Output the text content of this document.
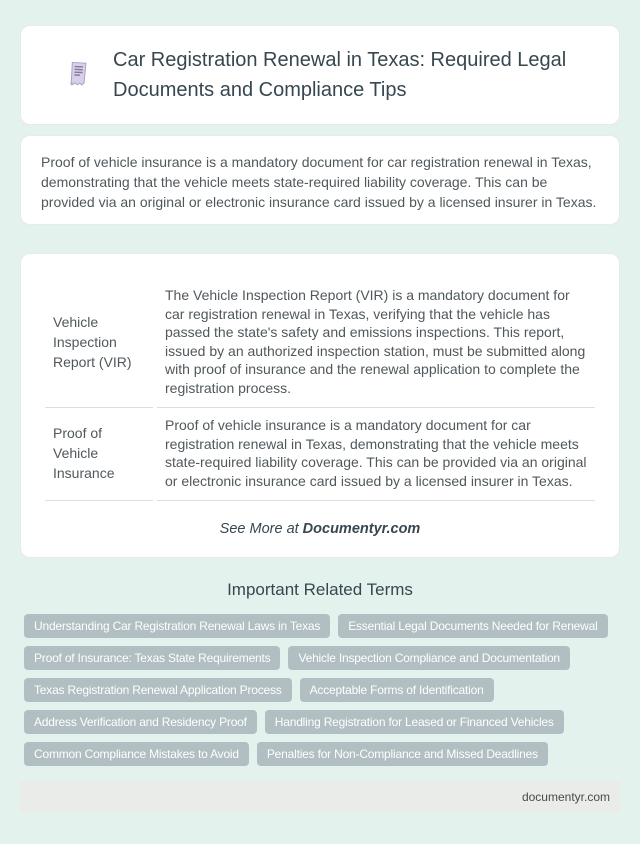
Car Registration Renewal in Texas: Required Legal Documents and Compliance Tips

Proof of vehicle insurance is a mandatory document for car registration renewal in Texas, demonstrating that the vehicle meets state-required liability coverage. This can be provided via an original or electronic insurance card issued by a licensed insurer in Texas.

Vehicle Inspection Report (VIR)	The Vehicle Inspection Report (VIR) is a mandatory document for car registration renewal in Texas, verifying that the vehicle has passed the state's safety and emissions inspections. This report, issued by an authorized inspection station, must be submitted along with proof of insurance and the renewal application to complete the registration process.
Proof of Vehicle Insurance	Proof of vehicle insurance is a mandatory document for car registration renewal in Texas, demonstrating that the vehicle meets state-required liability coverage. This can be provided via an original or electronic insurance card issued by a licensed insurer in Texas.

See More at Documentyr.com

Important Related Terms
Understanding Car Registration Renewal Laws in Texas	Essential Legal Documents Needed for Renewal
Proof of Insurance: Texas State Requirements	Vehicle Inspection Compliance and Documentation
Texas Registration Renewal Application Process	Acceptable Forms of Identification
Address Verification and Residency Proof	Handling Registration for Leased or Financed Vehicles
Common Compliance Mistakes to Avoid	Penalties for Non-Compliance and Missed Deadlines
documentyr.com
